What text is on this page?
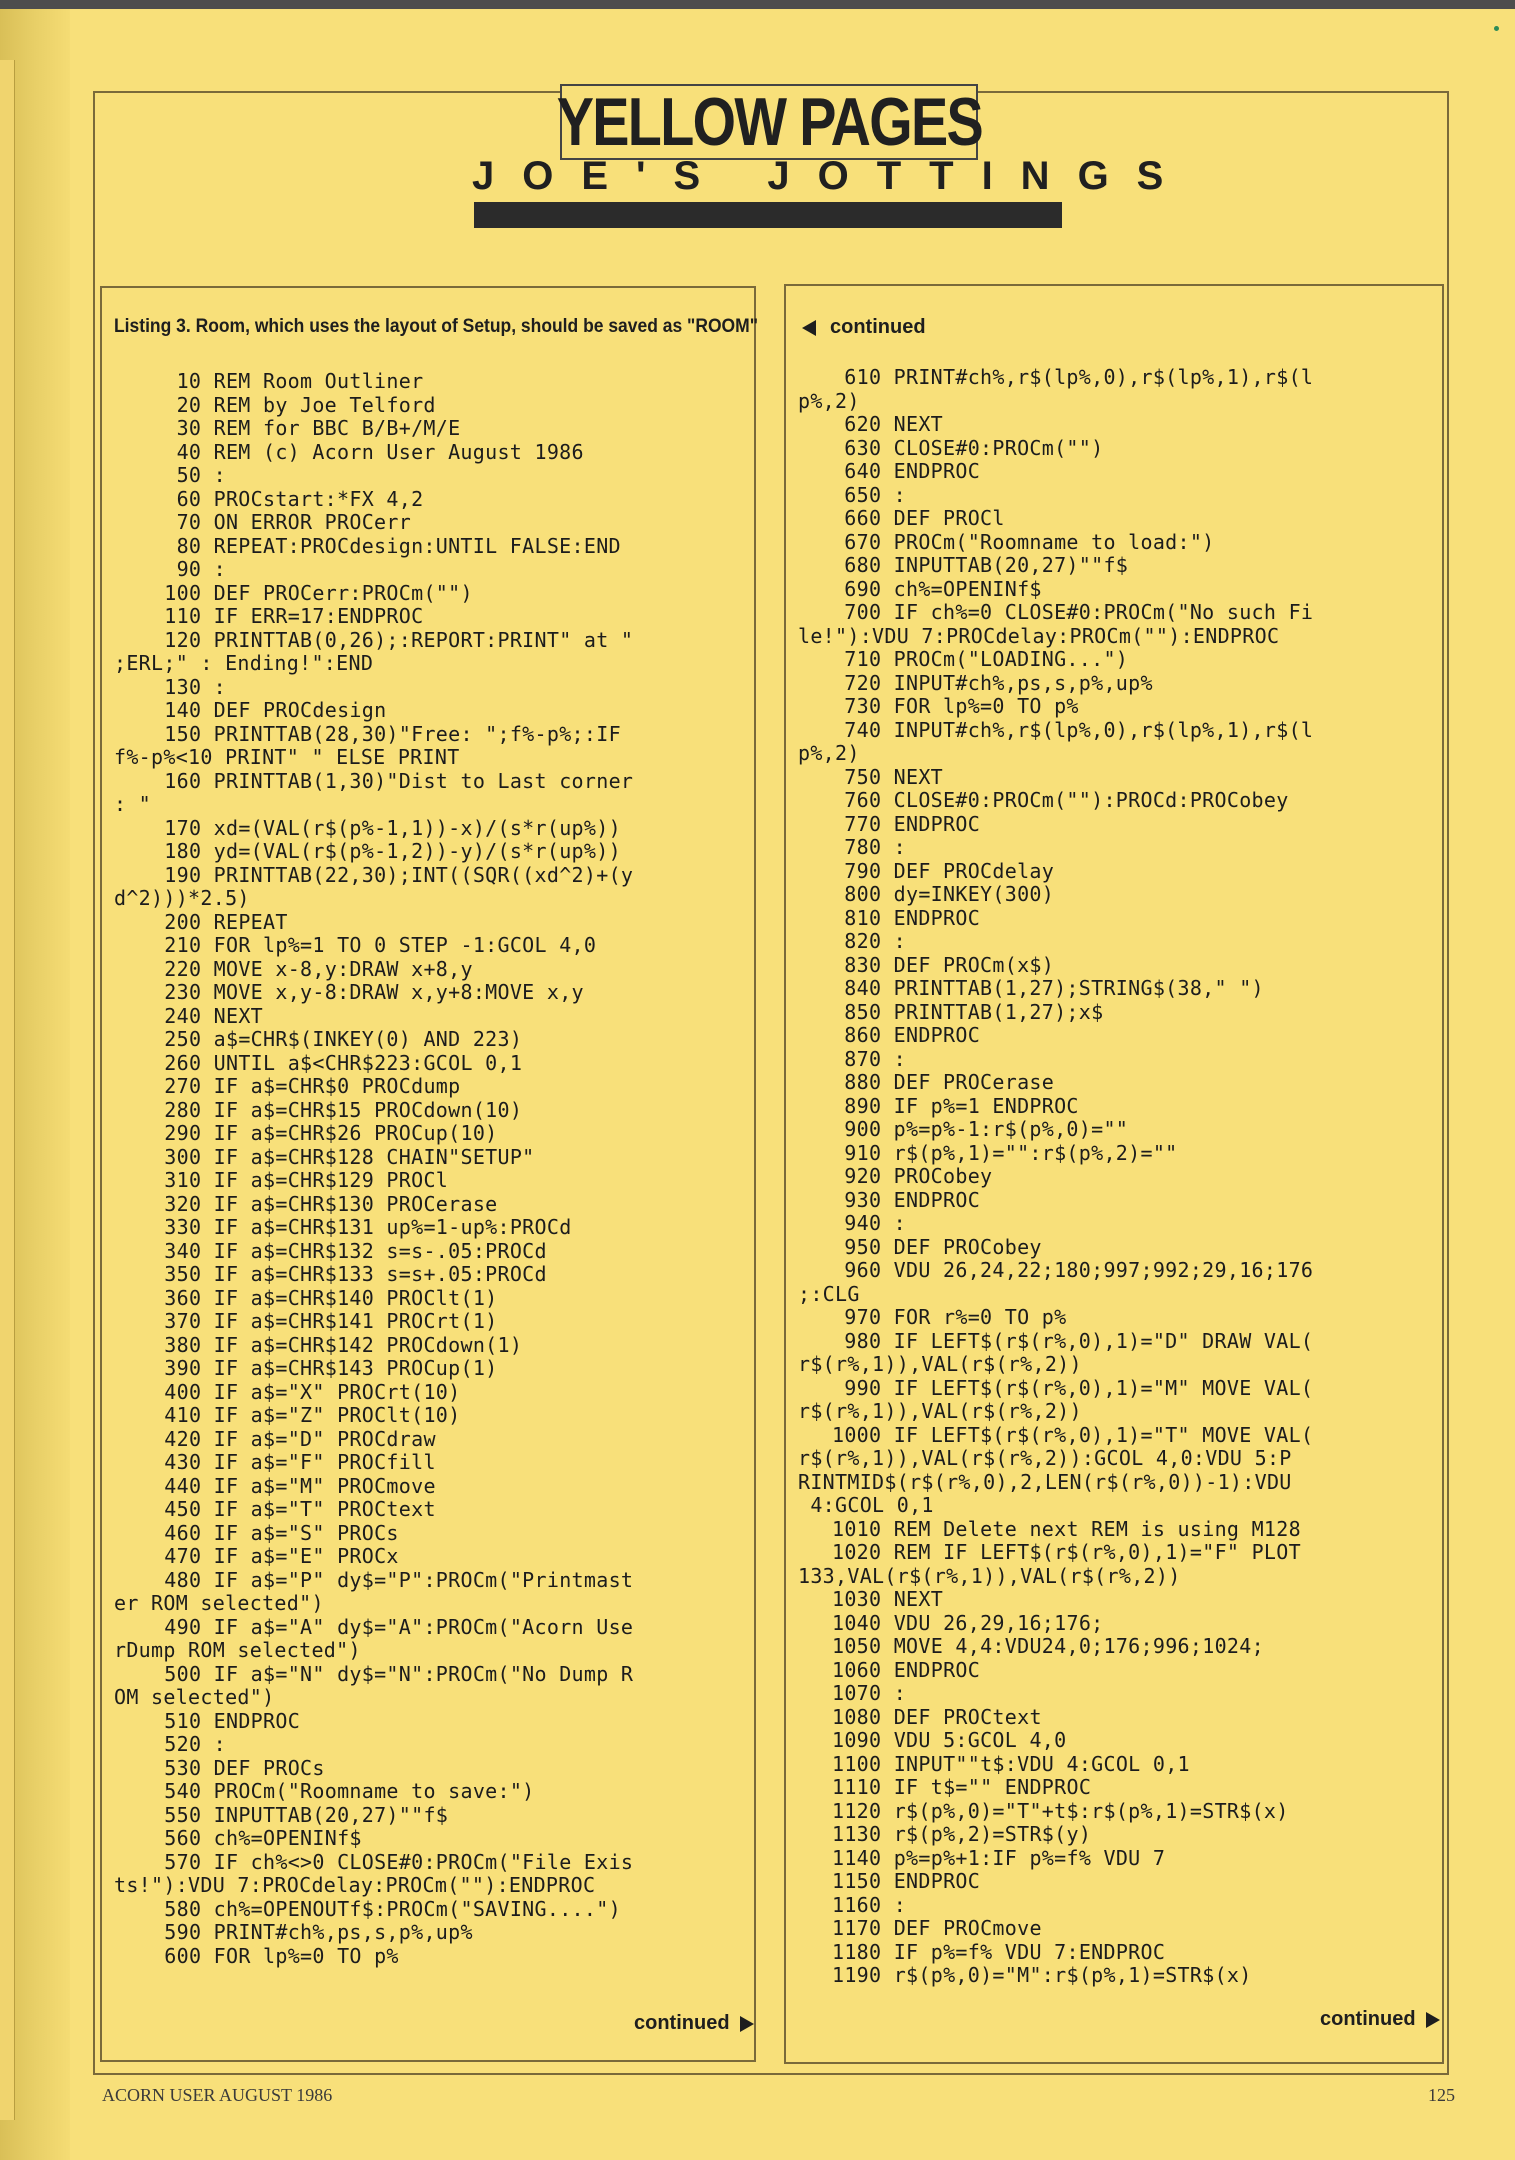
YELLOW PAGES
JOE'S JOTTINGS
Listing 3. Room, which uses the layout of Setup, should be saved as "ROOM"	continued
10 REM Room Outliner
20 REM by Joe Telford
30 REM for BBC B/B+/M/E
40 REM (c) Acorn User August 1986
50 :
60 PROCstart:*FX 4,2
70 ON ERROR PROCerr
80 REPEAT:PROCdesign:UNTIL FALSE:END
90 :
100 DEF PROCerr:PROCm("")
110 IF ERR=17:ENDPROC
120 PRINTTAB(0,26);:REPORT:PRINT" at "
;ERL;" : Ending!":END
130 :
140 DEF PROCdesign
150 PRINTTAB(28,30)"Free: ";f%-p%;:IF
f%-p%<10 PRINT" " ELSE PRINT
160 PRINTTAB(1,30)"Dist to Last corner
: "
170 xd=(VAL(r$(p%-1,1))-x)/(s*r(up%))
180 yd=(VAL(r$(p%-1,2))-y)/(s*r(up%))
190 PRINTTAB(22,30);INT((SQR((xd^2)+(y
d^2)))*2.5)
200 REPEAT
210 FOR lp%=1 TO 0 STEP -1:GCOL 4,0
220 MOVE x-8,y:DRAW x+8,y
230 MOVE x,y-8:DRAW x,y+8:MOVE x,y
240 NEXT
250 a$=CHR$(INKEY(0) AND 223)
260 UNTIL a$<CHR$223:GCOL 0,1
270 IF a$=CHR$0 PROCdump
280 IF a$=CHR$15 PROCdown(10)
290 IF a$=CHR$26 PROCup(10)
300 IF a$=CHR$128 CHAIN"SETUP"
310 IF a$=CHR$129 PROCl
320 IF a$=CHR$130 PROCerase
330 IF a$=CHR$131 up%=1-up%:PROCd
340 IF a$=CHR$132 s=s-.05:PROCd
350 IF a$=CHR$133 s=s+.05:PROCd
360 IF a$=CHR$140 PROClt(1)
370 IF a$=CHR$141 PROCrt(1)
380 IF a$=CHR$142 PROCdown(1)
390 IF a$=CHR$143 PROCup(1)
400 IF a$="X" PROCrt(10)
410 IF a$="Z" PROClt(10)
420 IF a$="D" PROCdraw
430 IF a$="F" PROCfill
440 IF a$="M" PROCmove
450 IF a$="T" PROCtext
460 IF a$="S" PROCs
470 IF a$="E" PROCx
480 IF a$="P" dy$="P":PROCm("Printmast
er ROM selected")
490 IF a$="A" dy$="A":PROCm("Acorn Use
rDump ROM selected")
500 IF a$="N" dy$="N":PROCm("No Dump R
OM selected")
510 ENDPROC
520 :
530 DEF PROCs
540 PROCm("Roomname to save:")
550 INPUTTAB(20,27)""f$
560 ch%=OPENINf$
570 IF ch%<>0 CLOSE#0:PROCm("File Exis
ts!"):VDU 7:PROCdelay:PROCm(""):ENDPROC
580 ch%=OPENOUTf$:PROCm("SAVING....")
590 PRINT#ch%,ps,s,p%,up%
600 FOR lp%=0 TO p%
610 PRINT#ch%,r$(lp%,0),r$(lp%,1),r$(l
p%,2)
620 NEXT
630 CLOSE#0:PROCm("")
640 ENDPROC
650 :
660 DEF PROCl
670 PROCm("Roomname to load:")
680 INPUTTAB(20,27)""f$
690 ch%=OPENINf$
700 IF ch%=0 CLOSE#0:PROCm("No such Fi
le!"):VDU 7:PROCdelay:PROCm(""):ENDPROC
710 PROCm("LOADING...")
720 INPUT#ch%,ps,s,p%,up%
730 FOR lp%=0 TO p%
740 INPUT#ch%,r$(lp%,0),r$(lp%,1),r$(l
p%,2)
750 NEXT
760 CLOSE#0:PROCm(""):PROCd:PROCobey
770 ENDPROC
780 :
790 DEF PROCdelay
800 dy=INKEY(300)
810 ENDPROC
820 :
830 DEF PROCm(x$)
840 PRINTTAB(1,27);STRING$(38," ")
850 PRINTTAB(1,27);x$
860 ENDPROC
870 :
880 DEF PROCerase
890 IF p%=1 ENDPROC
900 p%=p%-1:r$(p%,0)=""
910 r$(p%,1)="":r$(p%,2)=""
920 PROCobey
930 ENDPROC
940 :
950 DEF PROCobey
960 VDU 26,24,22;180;997;992;29,16;176
;:CLG
970 FOR r%=0 TO p%
980 IF LEFT$(r$(r%,0),1)="D" DRAW VAL(
r$(r%,1)),VAL(r$(r%,2))
990 IF LEFT$(r$(r%,0),1)="M" MOVE VAL(
r$(r%,1)),VAL(r$(r%,2))
1000 IF LEFT$(r$(r%,0),1)="T" MOVE VAL(
r$(r%,1)),VAL(r$(r%,2)):GCOL 4,0:VDU 5:P
RINTMID$(r$(r%,0),2,LEN(r$(r%,0))-1):VDU
4:GCOL 0,1
1010 REM Delete next REM is using M128
1020 REM IF LEFT$(r$(r%,0),1)="F" PLOT
133,VAL(r$(r%,1)),VAL(r$(r%,2))
1030 NEXT
1040 VDU 26,29,16;176;
1050 MOVE 4,4:VDU24,0;176;996;1024;
1060 ENDPROC
1070 :
1080 DEF PROCtext
1090 VDU 5:GCOL 4,0
1100 INPUT""t$:VDU 4:GCOL 0,1
1110 IF t$="" ENDPROC
1120 r$(p%,0)="T"+t$:r$(p%,1)=STR$(x)
1130 r$(p%,2)=STR$(y)
1140 p%=p%+1:IF p%=f% VDU 7
1150 ENDPROC
1160 :
1170 DEF PROCmove
1180 IF p%=f% VDU 7:ENDPROC
1190 r$(p%,0)="M":r$(p%,1)=STR$(x)
continued	continued
ACORN USER AUGUST 1986	125
